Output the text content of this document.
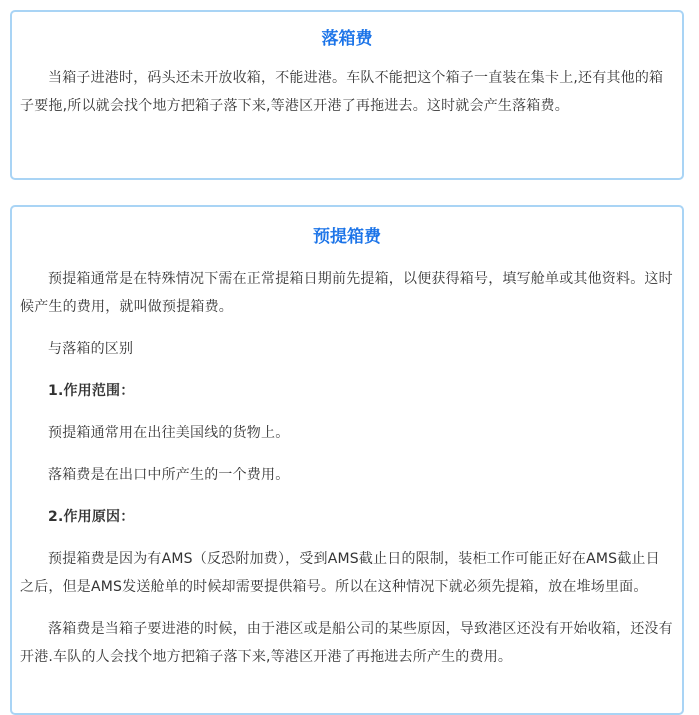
落箱费

当箱子进港时，码头还未开放收箱，不能进港。车队不能把这个箱子一直装在集卡上,还有其他的箱子要拖,所以就会找个地方把箱子落下来,等港区开港了再拖进去。这时就会产生落箱费。

预提箱费

预提箱通常是在特殊情况下需在正常提箱日期前先提箱，以便获得箱号，填写舱单或其他资料。这时候产生的费用，就叫做预提箱费。

与落箱的区别

1.作用范围：

预提箱通常用在出往美国线的货物上。

落箱费是在出口中所产生的一个费用。

2.作用原因：

预提箱费是因为有AMS（反恐附加费），受到AMS截止日的限制，装柜工作可能正好在AMS截止日之后，但是AMS发送舱单的时候却需要提供箱号。所以在这种情况下就必须先提箱，放在堆场里面。

落箱费是当箱子要进港的时候，由于港区或是船公司的某些原因，导致港区还没有开始收箱，还没有开港.车队的人会找个地方把箱子落下来,等港区开港了再拖进去所产生的费用。
